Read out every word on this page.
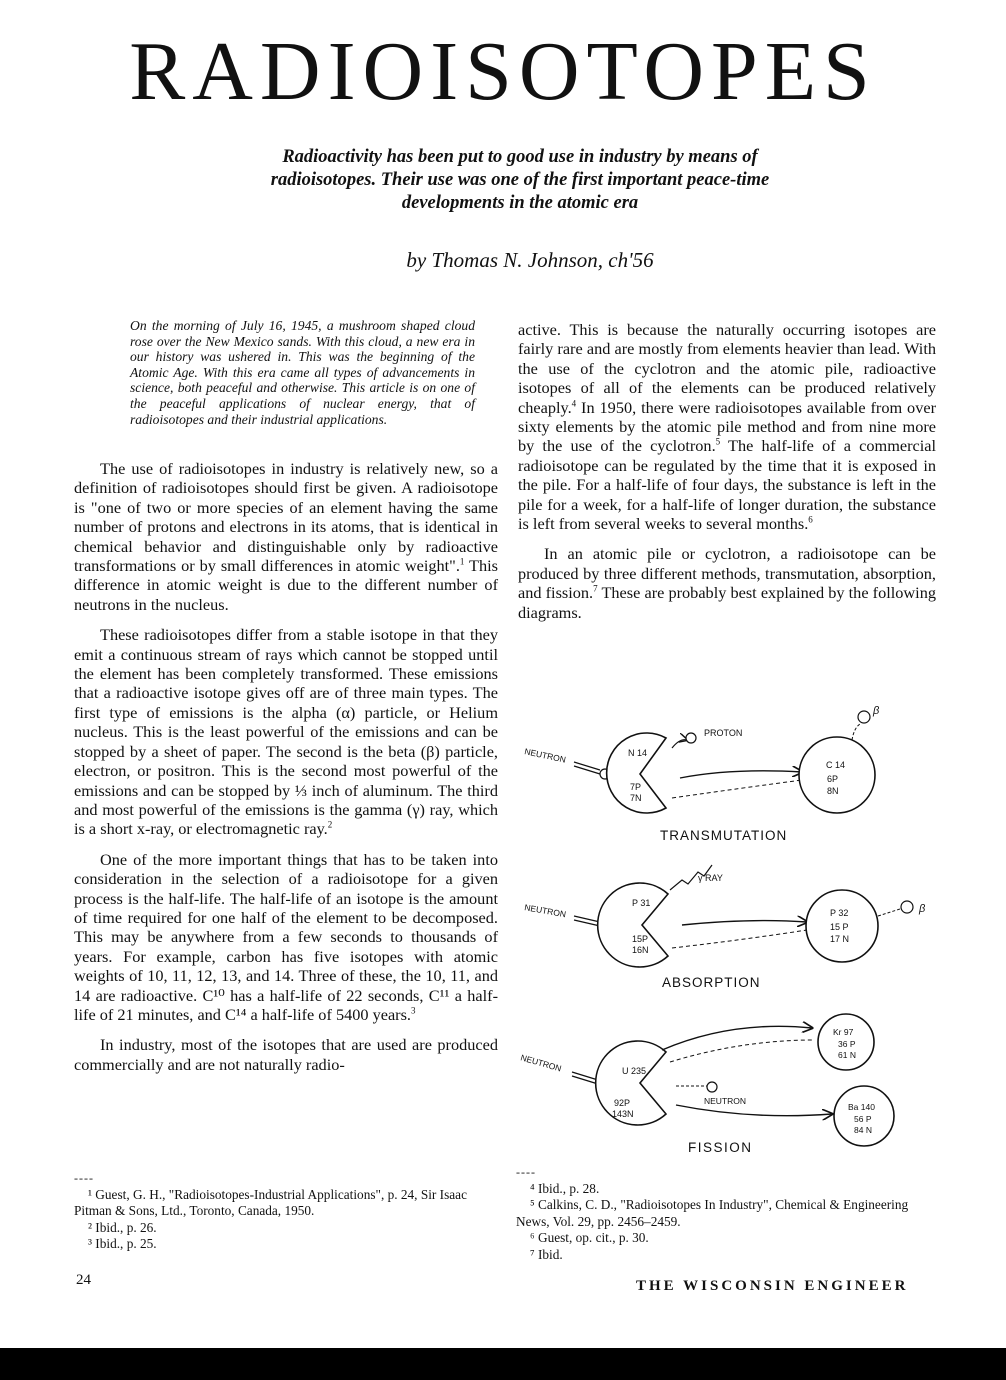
RADIOISOTOPES
Radioactivity has been put to good use in industry by means of radioisotopes. Their use was one of the first important peace-time developments in the atomic era
by Thomas N. Johnson, ch'56
On the morning of July 16, 1945, a mushroom shaped cloud rose over the New Mexico sands. With this cloud, a new era in our history was ushered in. This was the beginning of the Atomic Age. With this era came all types of advancements in science, both peaceful and otherwise. This article is on one of the peaceful applications of nuclear energy, that of radioisotopes and their industrial applications.

The use of radioisotopes in industry is relatively new, so a definition of radioisotopes should first be given. A radioisotope is "one of two or more species of an element having the same number of protons and electrons in its atoms, that is identical in chemical behavior and distinguishable only by radioactive transformations or by small differences in atomic weight".$^1$ This difference in atomic weight is due to the different number of neutrons in the nucleus.

These radioisotopes differ from a stable isotope in that they emit a continuous stream of rays which cannot be stopped until the element has been completely transformed. These emissions that a radioactive isotope gives off are of three main types. The first type of emissions is the alpha (α) particle, or Helium nucleus. This is the least powerful of the emissions and can be stopped by a sheet of paper. The second is the beta (β) particle, electron, or positron. This is the second most powerful of the emissions and can be stopped by ⅓ inch of aluminum. The third and most powerful of the emissions is the gamma (γ) ray, which is a short x-ray, or electromagnetic ray.$^2$

One of the more important things that has to be taken into consideration in the selection of a radioisotope for a given process is the half-life. The half-life of an isotope is the amount of time required for one half of the element to be decomposed. This may be anywhere from a few seconds to thousands of years. For example, carbon has five isotopes with atomic weights of 10, 11, 12, 13, and 14. Three of these, the 10, 11, and 14 are radioactive. C¹⁰ has a half-life of 22 seconds, C¹¹ a half-life of 21 minutes, and C¹⁴ a half-life of 5400 years.$^3$

In industry, most of the isotopes that are used are produced commercially and are not naturally radio-

active. This is because the naturally occurring isotopes are fairly rare and are mostly from elements heavier than lead. With the use of the cyclotron and the atomic pile, radioactive isotopes of all of the elements can be produced relatively cheaply.$^4$ In 1950, there were radioisotopes available from over sixty elements by the atomic pile method and from nine more by the use of the cyclotron.$^5$ The half-life of a commercial radioisotope can be regulated by the time that it is exposed in the pile. For a half-life of four days, the substance is left in the pile for a week, for a half-life of longer duration, the substance is left from several weeks to several months.$^6$

In an atomic pile or cyclotron, a radioisotope can be produced by three different methods, transmutation, absorption, and fission.$^7$ These are probably best explained by the following diagrams.

NEUTRON	N 14
7P
7N
PROTON
C 14
6P
8N
β
TRANSMUTATION
NEUTRON	P 31
15P
16N
γ RAY
P 32
15 P
17 N
β
ABSORPTION
NEUTRON	U 235
92P
143N
NEUTRON
Kr 97
36 P
61 N
Ba 140
56 P
84 N
FISSION
----

¹ Guest, G. H., "Radioisotopes-Industrial Applications", p. 24, Sir Isaac Pitman & Sons, Ltd., Toronto, Canada, 1950.

² Ibid., p. 26.

³ Ibid., p. 25.

----

⁴ Ibid., p. 28.

⁵ Calkins, C. D., "Radioisotopes In Industry", Chemical & Engineering News, Vol. 29, pp. 2456–2459.

⁶ Guest, op. cit., p. 30.

⁷ Ibid.

24	THE WISCONSIN ENGINEER
